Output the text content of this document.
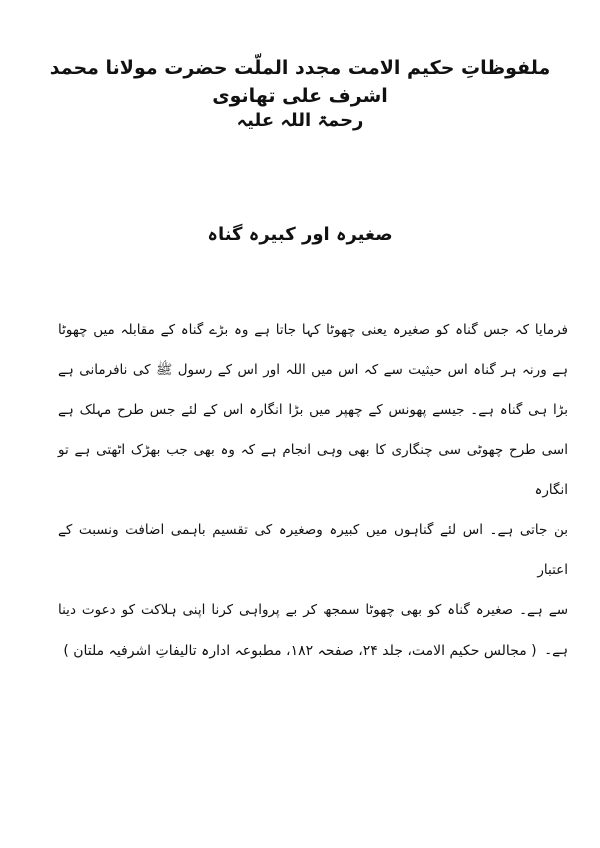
ملفوظاتِ حکیم الامت مجدد الملّت حضرت مولانا محمد اشرف علی تھانوی
رحمۃ اللہ علیہ
صغیرہ اور کبیرہ گناہ
فرمایا کہ جس گناہ کو صغیرہ یعنی چھوٹا کہا جاتا ہے وہ بڑے گناہ کے مقابلہ میں چھوٹا
ہے ورنہ ہر گناہ اس حیثیت سے کہ اس میں اللہ اور اس کے رسول ﷺ کی نافرمانی ہے
بڑا ہی گناہ ہے۔ جیسے پھونس کے چھپر میں بڑا انگارہ اس کے لئے جس طرح مہلک ہے
اسی طرح چھوٹی سی چنگاری کا بھی وہی انجام ہے کہ وہ بھی جب بھڑک اٹھتی ہے تو انگارہ
بن جاتی ہے۔ اس لئے گناہوں میں کبیرہ وصغیرہ کی تقسیم باہمی اضافت ونسبت کے اعتبار
سے ہے۔ صغیرہ گناہ کو بھی چھوٹا سمجھ کر بے پرواہی کرنا اپنی ہلاکت کو دعوت دینا ہے۔
( مجالس حکیم الامت، جلد ۲۴، صفحہ ۱۸۲، مطبوعہ ادارہ تالیفاتِ اشرفیہ ملتان )
